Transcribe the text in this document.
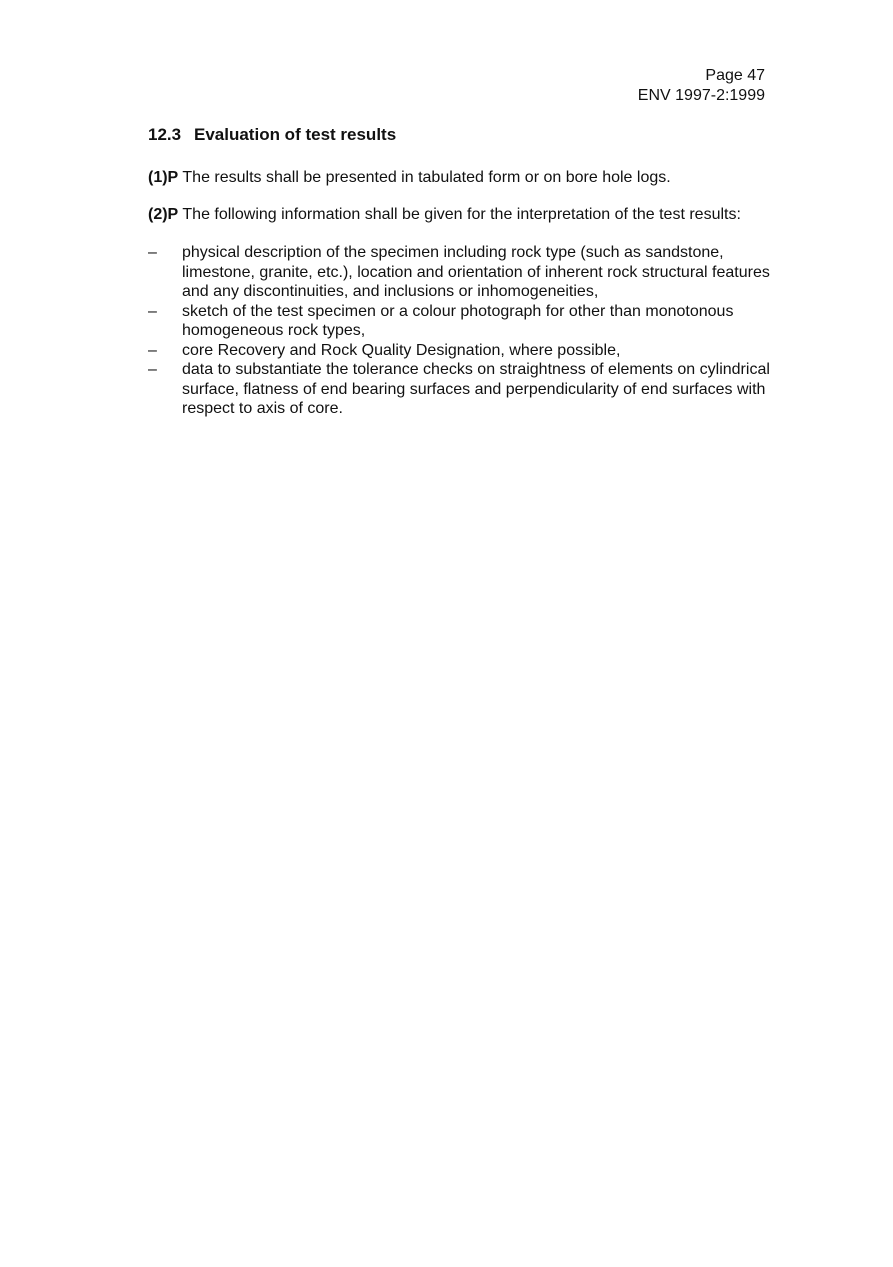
Page 47
ENV 1997-2:1999
12.3 Evaluation of test results

(1)P The results shall be presented in tabulated form or on bore hole logs.

(2)P The following information shall be given for the interpretation of the test results:

–	physical description of the specimen including rock type (such as sandstone,
limestone, granite, etc.), location and orientation of inherent rock structural features
and any discontinuities, and inclusions or inhomogeneities,
–	sketch of the test specimen or a colour photograph for other than monotonous
homogeneous rock types,
–	core Recovery and Rock Quality Designation, where possible,
–	data to substantiate the tolerance checks on straightness of elements on cylindrical
surface, flatness of end bearing surfaces and perpendicularity of end surfaces with
respect to axis of core.
